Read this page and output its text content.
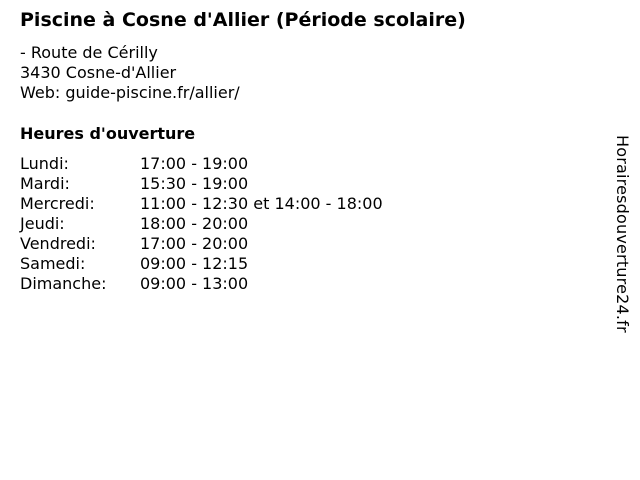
Piscine à Cosne d'Allier (Période scolaire)
- Route de Cérilly
3430 Cosne-d'Allier
Web: guide-piscine.fr/allier/
Heures d'ouverture
Lundi:	17:00 - 19:00
Mardi:	15:30 - 19:00
Mercredi:	11:00 - 12:30 et 14:00 - 18:00
Jeudi:	18:00 - 20:00
Vendredi:	17:00 - 20:00
Samedi:	09:00 - 12:15
Dimanche:	09:00 - 13:00	Horairesdouverture24.fr
